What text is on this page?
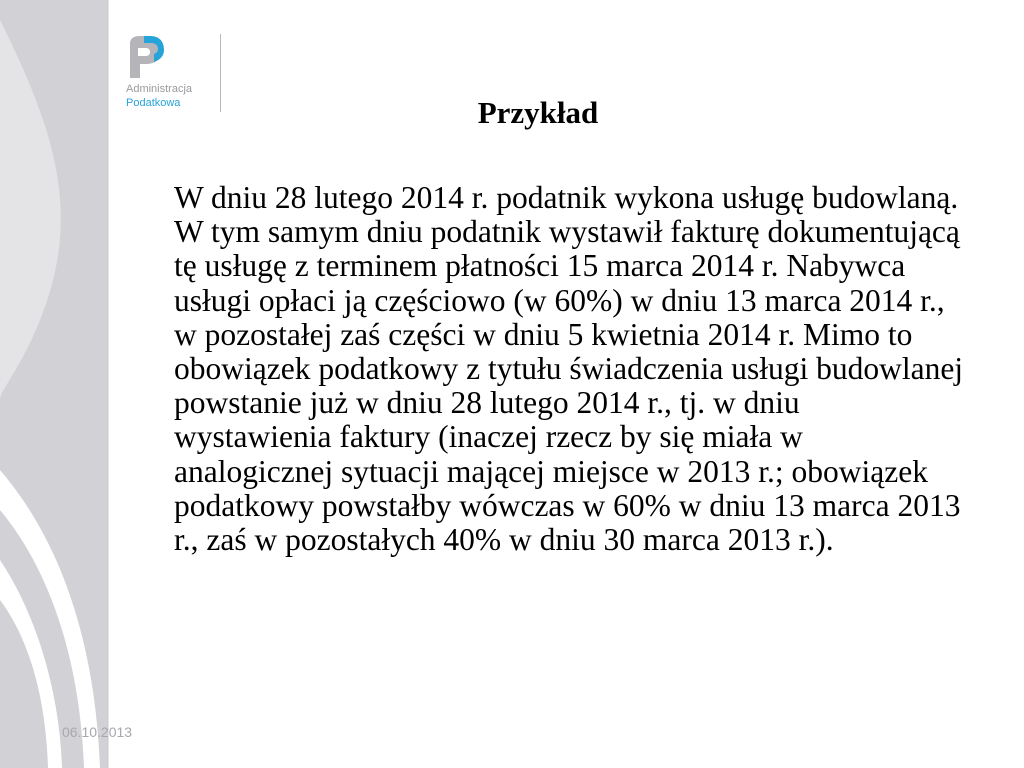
Administracja
Podatkowa	Przykład

W dniu 28 lutego 2014 r. podatnik wykona usługę budowlaną. W tym samym dniu podatnik wystawił fakturę dokumentującą tę usługę z terminem płatności 15 marca 2014 r. Nabywca usługi opłaci ją częściowo (w 60%) w dniu 13 marca 2014 r., w pozostałej zaś części w dniu 5 kwietnia 2014 r. Mimo to obowiązek podatkowy z tytułu świadczenia usługi budowlanej powstanie już w dniu 28 lutego 2014 r., tj. w dniu wystawienia faktury (inaczej rzecz by się miała w analogicznej sytuacji mającej miejsce w 2013 r.; obowiązek podatkowy powstałby wówczas w 60% w dniu 13 marca 2013 r., zaś w pozostałych 40% w dniu 30 marca 2013 r.).

06.10.2013
